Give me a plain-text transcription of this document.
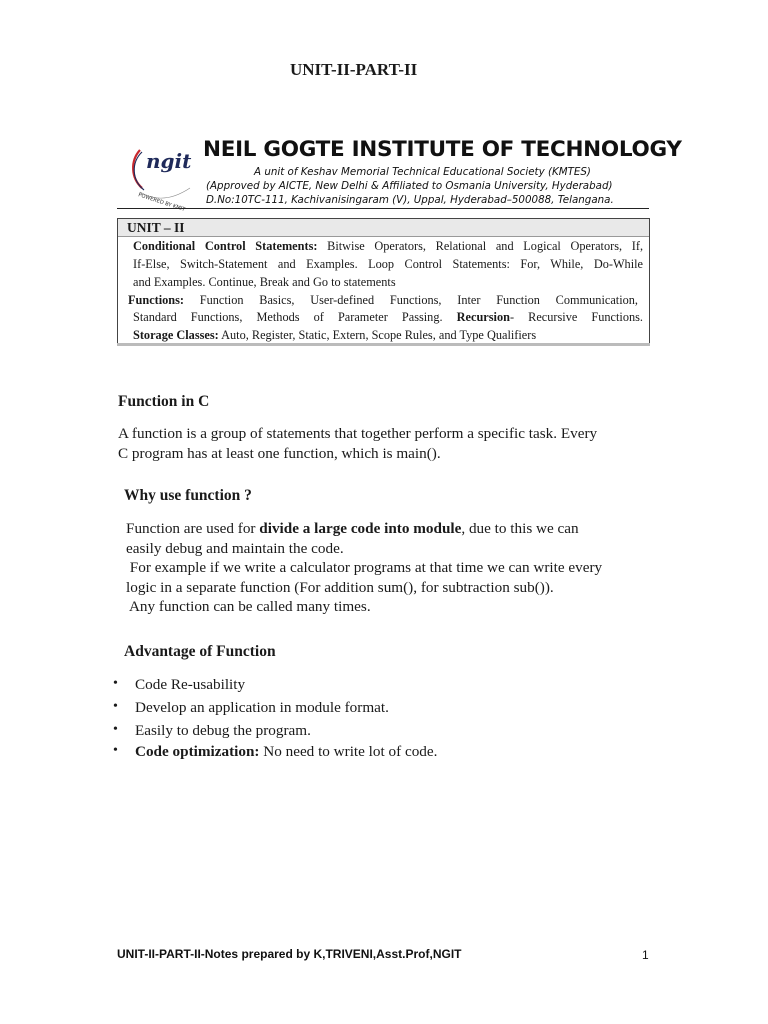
UNIT-II-PART-II
ngit
POWERED BY KMIT
NEIL GOGTE INSTITUTE OF TECHNOLOGY
A unit of Keshav Memorial Technical Educational Society (KMTES)
(Approved by AICTE, New Delhi & Affiliated to Osmania University, Hyderabad)
D.No:10TC-111, Kachivanisingaram (V), Uppal, Hyderabad–500088, Telangana.
UNIT – II
Conditional Control Statements: Bitwise Operators, Relational and Logical Operators, If,
If-Else, Switch-Statement and Examples. Loop Control Statements: For, While, Do-While
and Examples. Continue, Break and Go to statements
Functions: Function Basics, User-defined Functions, Inter Function Communication,
Standard Functions, Methods of Parameter Passing. Recursion- Recursive Functions.
Storage Classes: Auto, Register, Static, Extern, Scope Rules, and Type Qualifiers
Function in C
A function is a group of statements that together perform a specific task. Every
C program has at least one function, which is main().
Why use function ?
Function are used for divide a large code into module, due to this we can
easily debug and maintain the code.
For example if we write a calculator programs at that time we can write every
logic in a separate function (For addition sum(), for subtraction sub()).
Any function can be called many times.
Advantage of Function
• Code Re-usability
• Develop an application in module format.
• Easily to debug the program.
• Code optimization: No need to write lot of code.
UNIT-II-PART-II-Notes prepared by K,TRIVENI,Asst.Prof,NGIT	1
